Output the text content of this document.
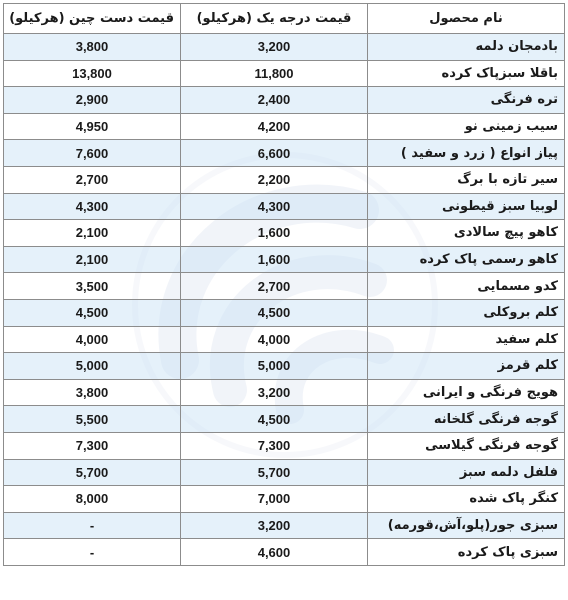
نام محصول	قیمت درجه یک (هرکیلو)	قیمت دست چین (هرکیلو)
بادمجان دلمه	3,200	3,800
باقلا سبزپاک کرده	11,800	13,800
تره فرنگی	2,400	2,900
سیب زمینی نو	4,200	4,950
پیاز انواع ( زرد و سفید )	6,600	7,600
سیر تازه با برگ	2,200	2,700
لوبیا سبز قیطونی	4,300	4,300
کاهو پیچ سالادی	1,600	2,100
کاهو رسمی پاک کرده	1,600	2,100
کدو مسمایی	2,700	3,500
کلم بروکلی	4,500	4,500
کلم سفید	4,000	4,000
کلم قرمز	5,000	5,000
هویج فرنگی و ایرانی	3,200	3,800
گوجه فرنگی گلخانه	4,500	5,500
گوجه فرنگی گیلاسی	7,300	7,300
فلفل دلمه سبز	5,700	5,700
کنگر پاک شده	7,000	8,000
سبزی جور(پلو،آش،قورمه)	3,200	-
سبزی پاک کرده	4,600	-
